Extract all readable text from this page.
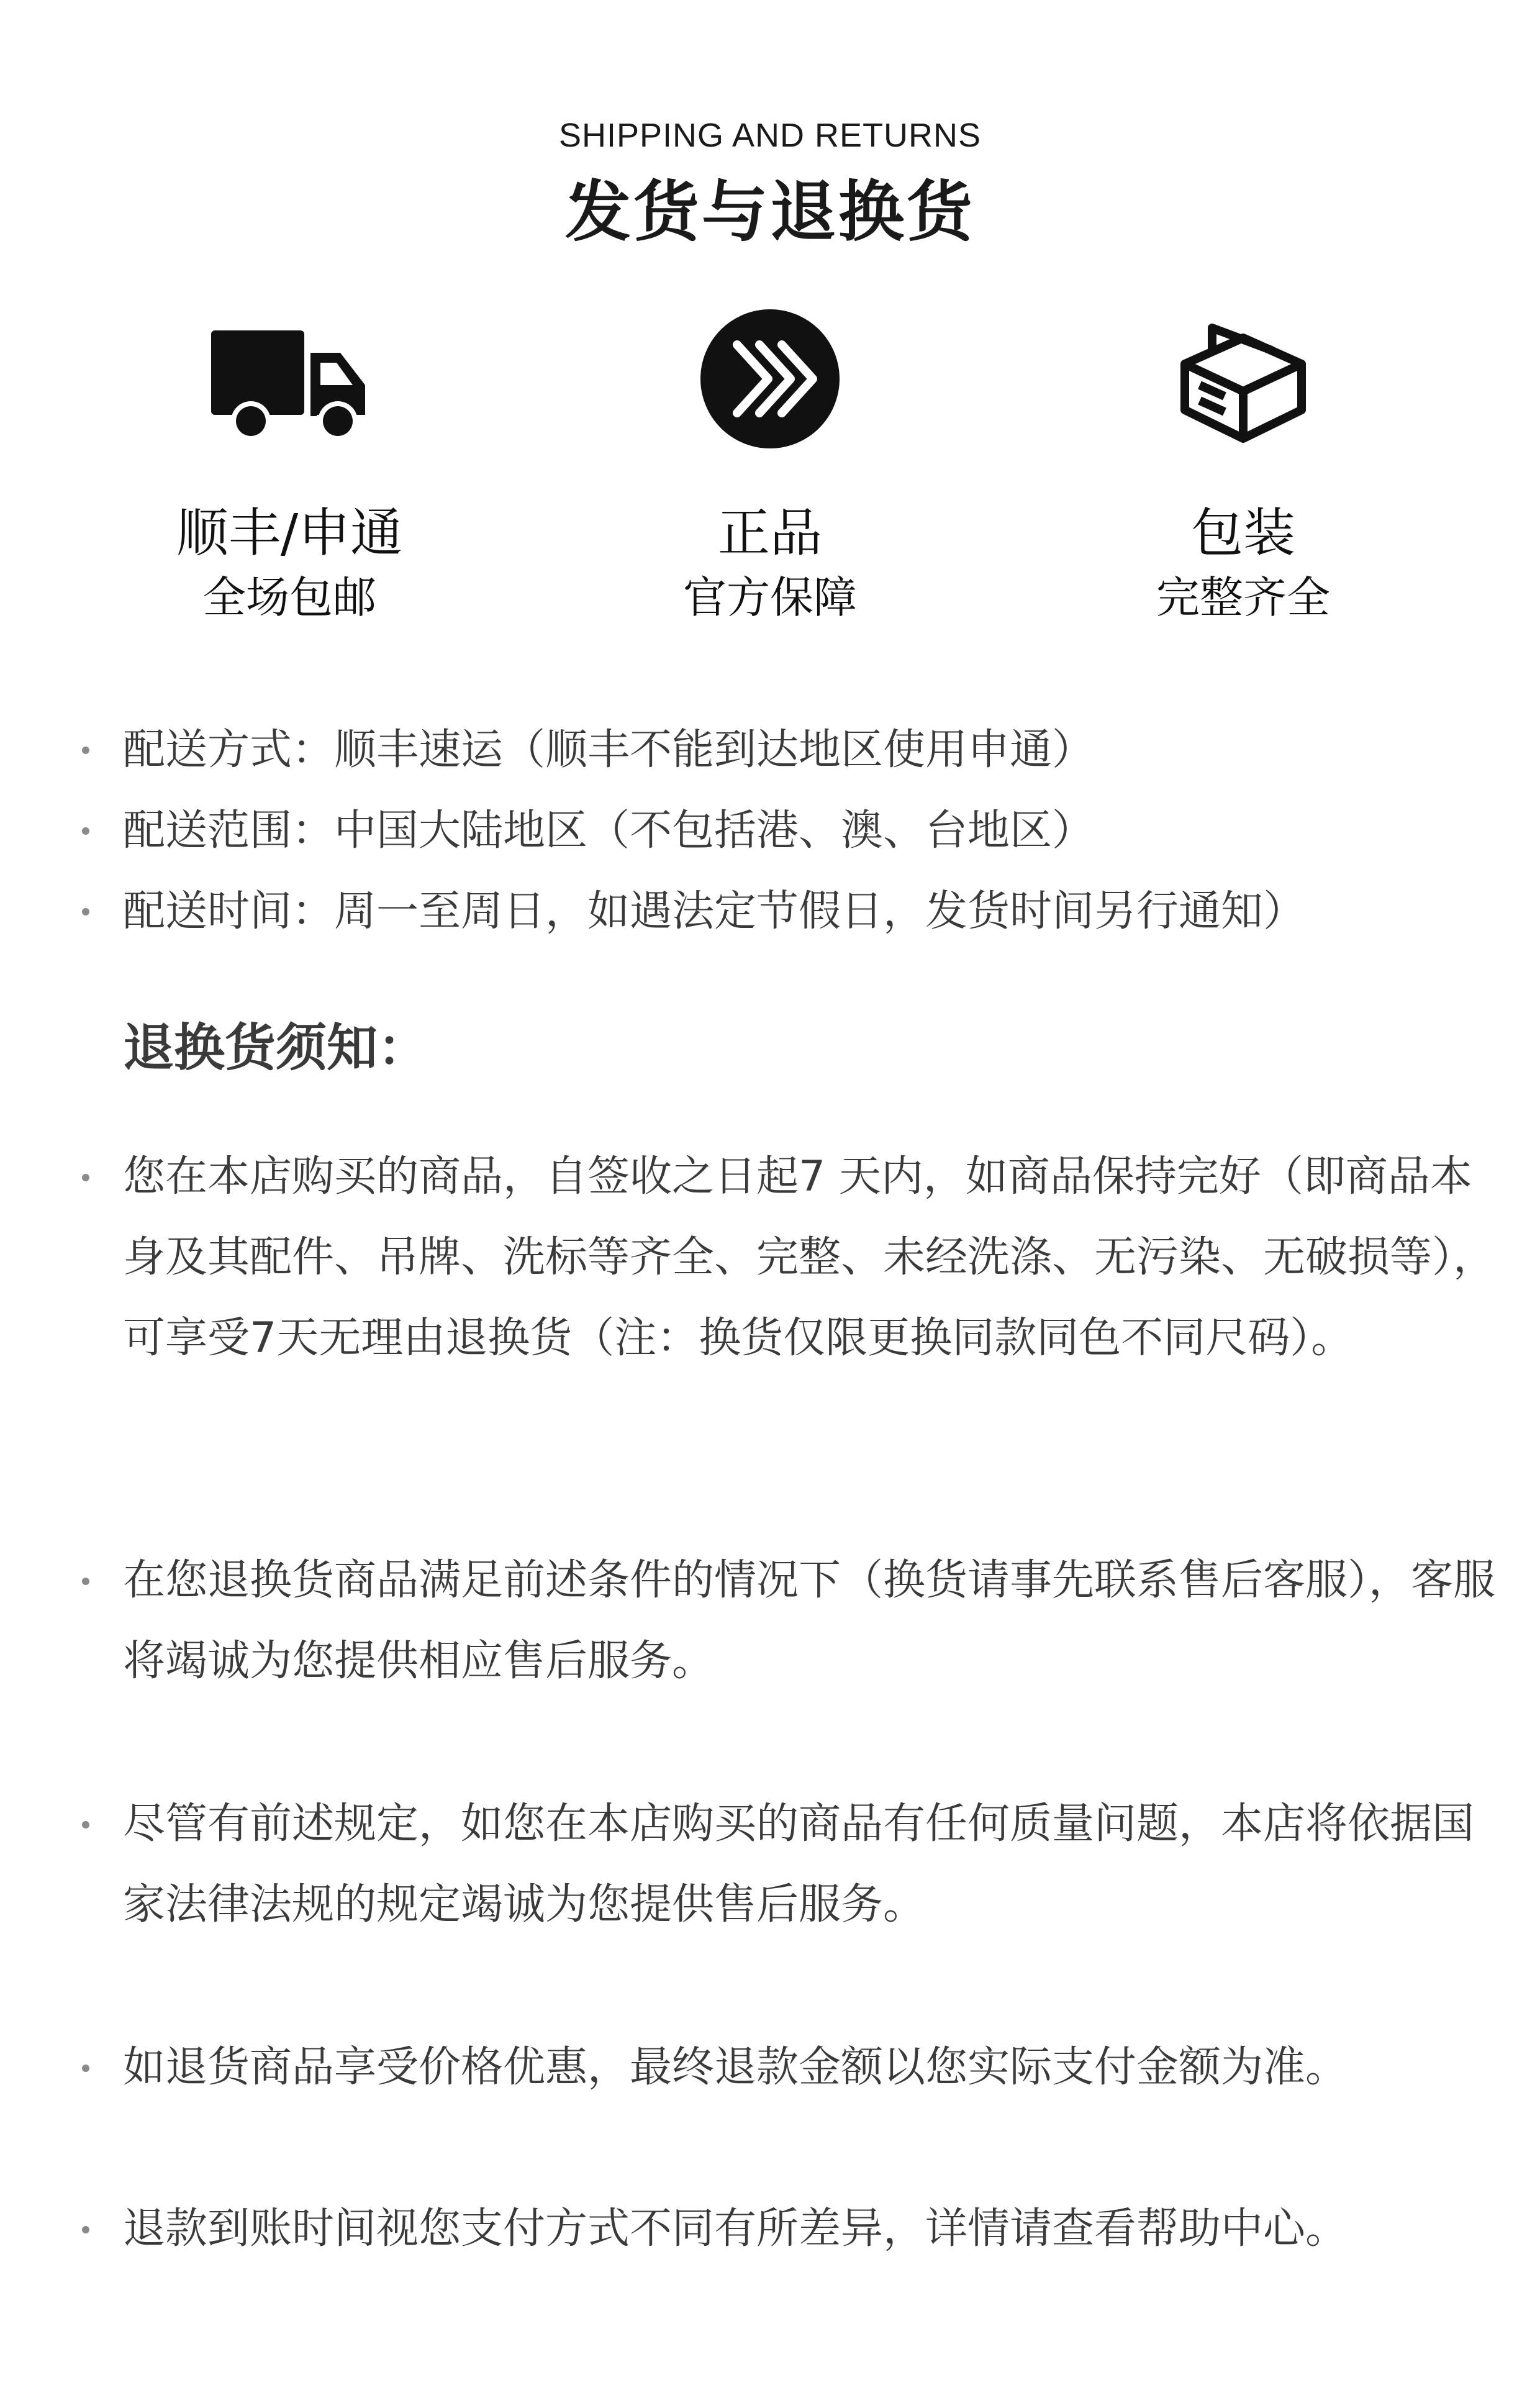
SHIPPING AND RETURNS
发货与退换货
顺丰/申通
全场包邮
正品
官方保障
包装
完整齐全
配送方式：顺丰速运（顺丰不能到达地区使用申通）
配送范围：中国大陆地区（不包括港、澳、台地区）
配送时间：周一至周日，如遇法定节假日，发货时间另行通知）
退换货须知：
您在本店购买的商品，自签收之日起7 天内，如商品保持完好（即商品本身及其配件、吊牌、洗标等齐全、完整、未经洗涤、无污染、无破损等），可享受7天无理由退换货（注：换货仅限更换同款同色不同尺码）。
在您退换货商品满足前述条件的情况下（换货请事先联系售后客服），客服将竭诚为您提供相应售后服务。
尽管有前述规定，如您在本店购买的商品有任何质量问题，本店将依据国家法律法规的规定竭诚为您提供售后服务。
如退货商品享受价格优惠，最终退款金额以您实际支付金额为准。
退款到账时间视您支付方式不同有所差异，详情请查看帮助中心。
